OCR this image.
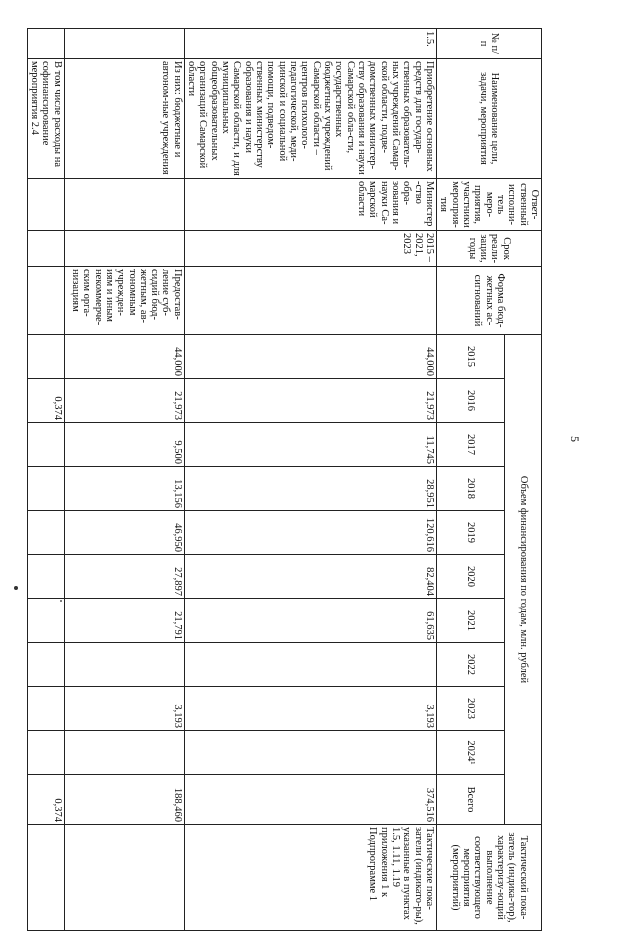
5
№ п/п	Наименование цели, задачи, мероприятия	Ответ-ственный исполни-тель меро-приятия, участники мероприя-тия	Срок реали-зации, годы	Форма бюд-жетных ас-сигнований	Объем финансирования по годам, млн. рублей											Тактический пока-затель (индика-тор), характеризу-ющий выполнение соответствующего мероприятия (мероприятий)
					2015	2016	2017	2018	2019	2020	2021	2022	2023	2024¹	Всего	
1.5.	Приобретение основных средств для государ-ственных образователь-ных учреждений Самар-ской области, подве-домственных министер-ству образования и науки Самарской обла-сти, государственных бюджетных учреждений Самарской области – центров психолого-педагогической, меди-цинской и социальной помощи, подведом-ственных министерству образования и науки Самарской области, и для муниципальных общеобразовательных организаций Самарской области	Министер-ство обра-зования и науки Са-марской области	2015 – 2021, 2023		44,000	21,973	11,745	28,951	120,616	82,404	61,635		3,193		374,516	Тактические пока-затели (индикато-ры), указанные в пунктах 1.5, 1.11, 1.19 приложения 1 к Подпрограмме 1
	Из них: бюджетные и автоном-ные учреждения			Предостав-ление суб-сидий бюд-жетным, ав-тономным учрежден-иям и иным некоммерче-ским орга-низациям	44,000	21,973	9,500	13,156	46,950	27,897	21,791		3,193		188,460	
	В том числе расходы на софинансирование мероприятия 2.4					0,374									0,374	
